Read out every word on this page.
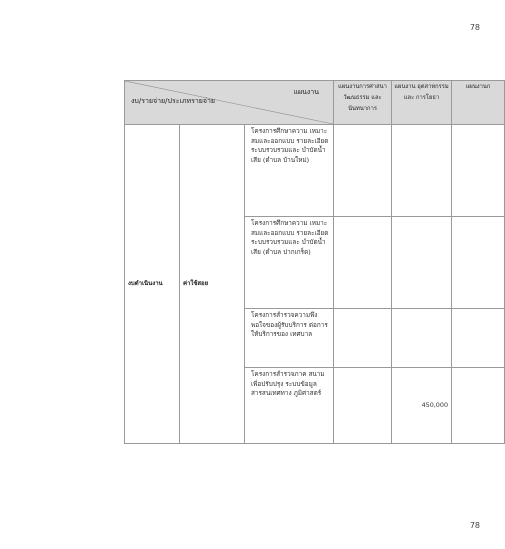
78
แผนงาน
งบ/รายจ่าย/ประเภทรายจ่าย			แผนงานการศาสนา วัฒนธรรม และ นันทนาการ	แผนงาน อุตสาหกรรมและ การโยธา	แผนงานก
งบดำเนินงาน	ค่าใช้สอย	โครงการศึกษาความ เหมาะสมและออกแบบ รายละเอียด ระบบรวบรวมและ บำบัดน้ำเสีย (ตำบล บ้านใหม่)			
		โครงการศึกษาความ เหมาะสมและออกแบบ รายละเอียด ระบบรวบรวมและ บำบัดน้ำเสีย (ตำบล ปากเกร็ด)			
		โครงการสำรวจความพึง พอใจของผู้รับบริการ ต่อการให้บริการของ เทศบาล			
		โครงการสำรวจภาค สนามเพื่อปรับปรุง ระบบข้อมูล สารสนเทศทาง ภูมิศาสตร์		450,000	
78
